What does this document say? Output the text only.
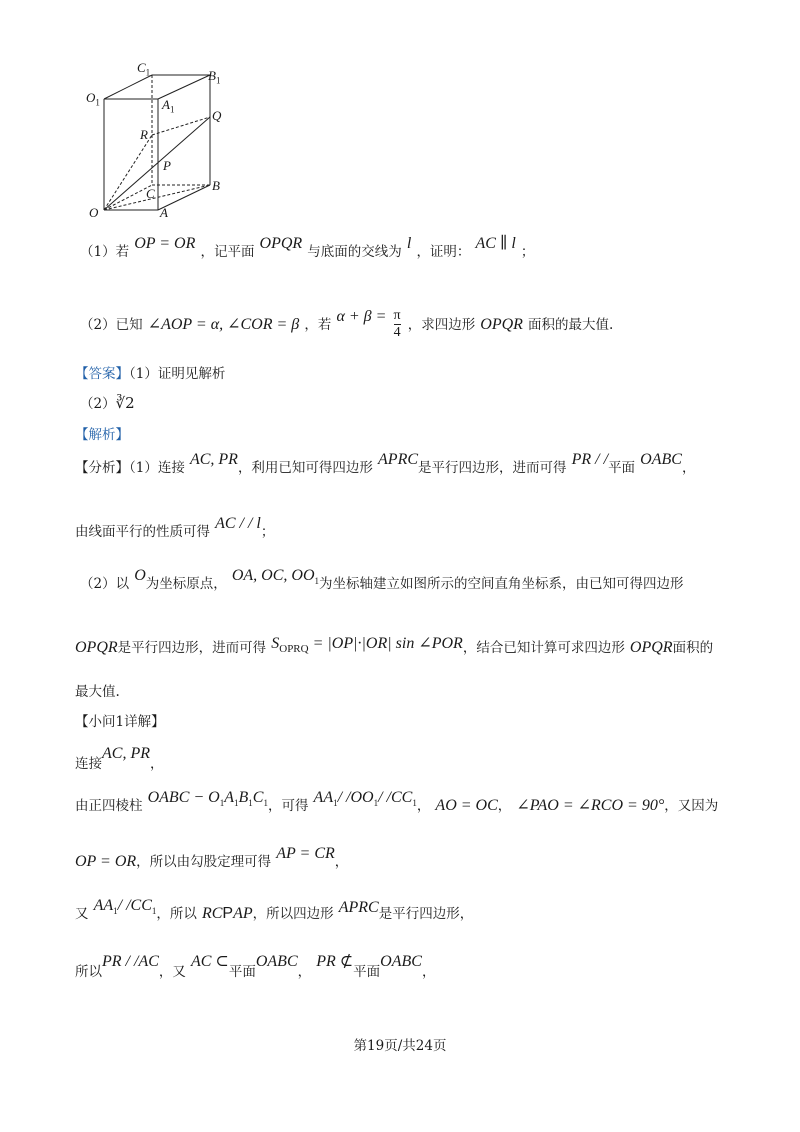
$C_1$	$B_1$
$O_1$	$A_1$	Q
R
P
B
C
O	A
（1）若 OP = OR ，记平面 OPQR 与底面的交线为 l ，证明： AC ∥ l ；
（2）已知 ∠AOP = α, ∠COR = β ，若 $\alpha + \beta = \frac{\pi}{4}$ ，求四边形 OPQR 面积的最大值.
【答案】（1）证明见解析
（2）∛2
【解析】
【分析】（1）连接 AC, PR，利用已知可得四边形 APRC是平行四边形，进而可得 PR / /平面 OABC，
由线面平行的性质可得 AC / / l；
（2）以 O为坐标原点， OA, OC, $OO_1$为坐标轴建立如图所示的空间直角坐标系，由已知可得四边形
OPQR是平行四边形，进而可得 $S_{OPRQ} = |OP|\cdot|OR|$ sin ∠POR，结合已知计算可求四边形 OPQR面积的
最大值.
【小问1详解】
$_{连接}$AC, $PR_,$
由正四棱柱 OABC − $O_1A_1B_1C_1$，可得 $AA_1/$ $/OO_1/$ $/CC_1$， AO = OC， ∠PAO = ∠RCO = 90°，又因为
OP = OR，所以由勾股定理可得 AP = CR，
又 $AA_1/$ $/CC_1$，所以 RCPAP，所以四边形 APRC是平行四边形，
$_{所以}PR / /AC_{,又}$ AC $\subset_{平面}OABC_,$ PR $⊄_{平面}OABC_,$
第19页/共24页
